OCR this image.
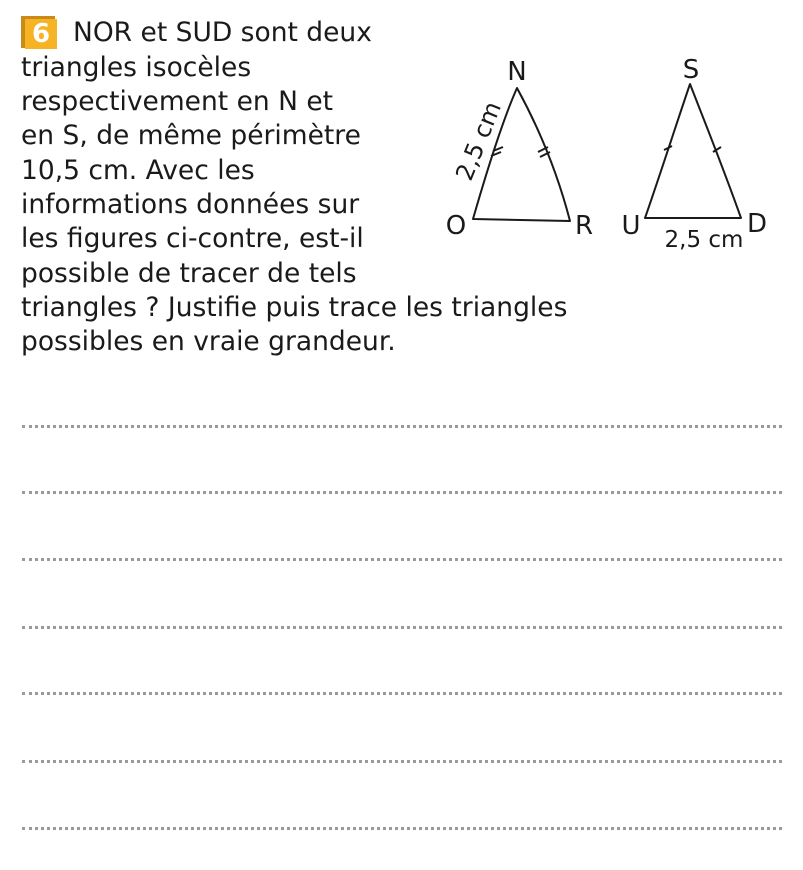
6 NOR et SUD sont deux

triangles isocèles

respectivement en N et

en S, de même périmètre

10,5 cm. Avec les

informations données sur

les figures ci-contre, est-il

possible de tracer de tels

triangles ? Justifie puis trace les triangles

possibles en vraie grandeur.

N
O	R
2,5 cm
S
U	D
2,5 cm
